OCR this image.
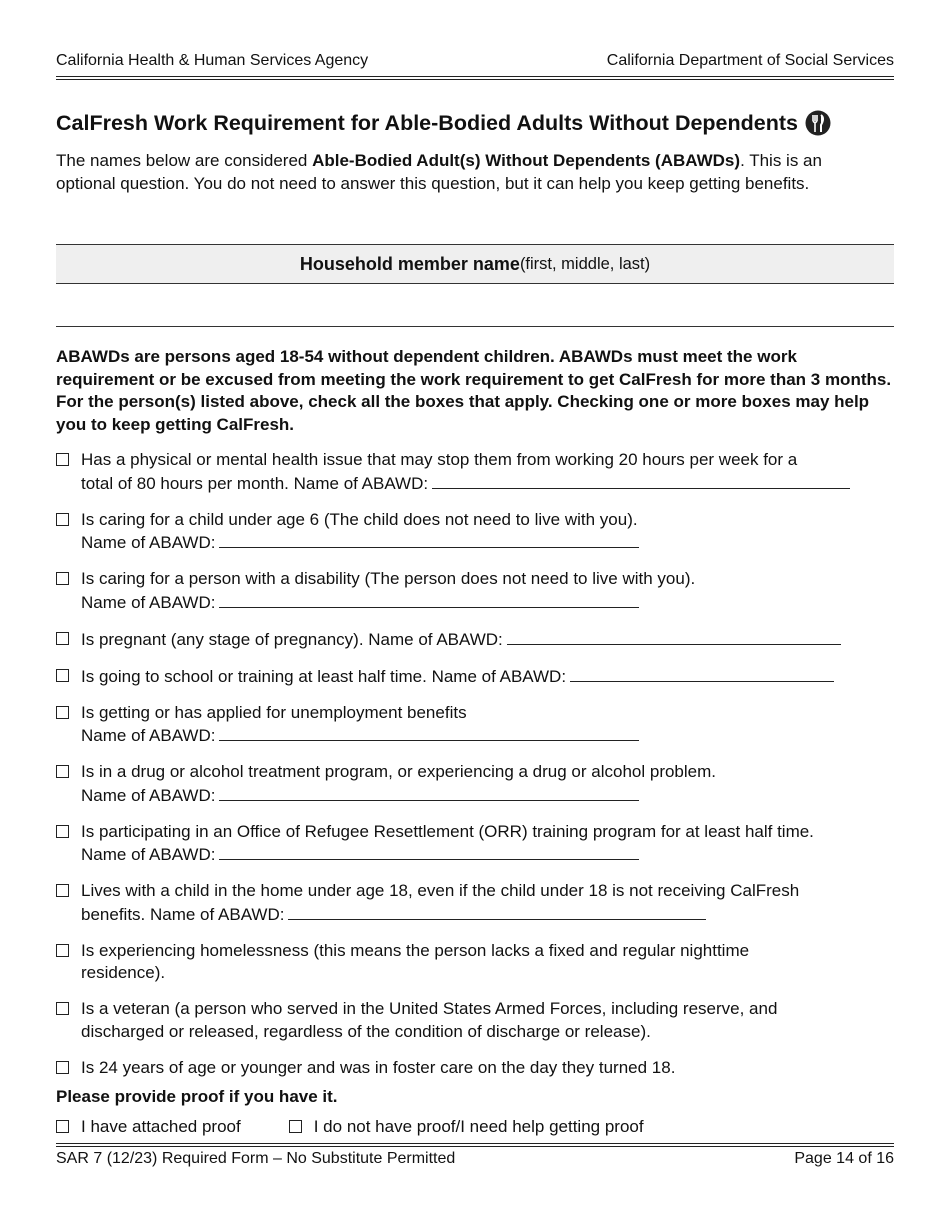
California Health & Human Services Agency	California Department of Social Services
CalFresh Work Requirement for Able-Bodied Adults Without Dependents
The names below are considered Able-Bodied Adult(s) Without Dependents (ABAWDs). This is an optional question. You do not need to answer this question, but it can help you keep getting benefits.
Household member name (first, middle, last)
ABAWDs are persons aged 18-54 without dependent children. ABAWDs must meet the work requirement or be excused from meeting the work requirement to get CalFresh for more than 3 months. For the person(s) listed above, check all the boxes that apply. Checking one or more boxes may help you to keep getting CalFresh.
Has a physical or mental health issue that may stop them from working 20 hours per week for a
total of 80 hours per month. Name of ABAWD:
Is caring for a child under age 6 (The child does not need to live with you).
Name of ABAWD:
Is caring for a person with a disability (The person does not need to live with you).
Name of ABAWD:
Is pregnant (any stage of pregnancy). Name of ABAWD:
Is going to school or training at least half time. Name of ABAWD:
Is getting or has applied for unemployment benefits
Name of ABAWD:
Is in a drug or alcohol treatment program, or experiencing a drug or alcohol problem.
Name of ABAWD:
Is participating in an Office of Refugee Resettlement (ORR) training program for at least half time.
Name of ABAWD:
Lives with a child in the home under age 18, even if the child under 18 is not receiving CalFresh
benefits. Name of ABAWD:
Is experiencing homelessness (this means the person lacks a fixed and regular nighttime
residence).
Is a veteran (a person who served in the United States Armed Forces, including reserve, and
discharged or released, regardless of the condition of discharge or release).
Is 24 years of age or younger and was in foster care on the day they turned 18.
Please provide proof if you have it.
I have attached proof	I do not have proof/I need help getting proof
SAR 7 (12/23) Required Form – No Substitute Permitted	Page 14 of 16
